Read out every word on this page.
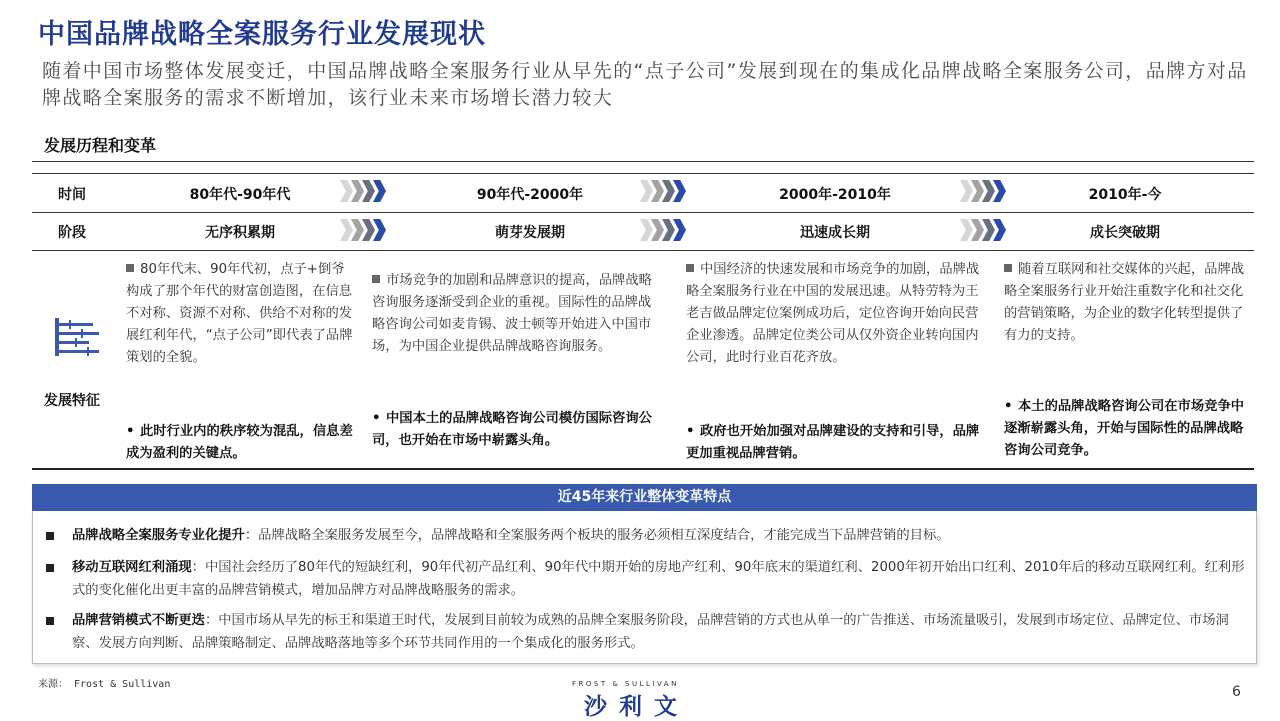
中国品牌战略全案服务行业发展现状
随着中国市场整体发展变迁，中国品牌战略全案服务行业从早先的“点子公司”发展到现在的集成化品牌战略全案服务公司，品牌方对品牌战略全案服务的需求不断增加，该行业未来市场增长潜力较大
发展历程和变革
时间
阶段
发展特征
80年代-90年代
无序积累期
80年代末、90年代初，点子+倒爷构成了那个年代的财富创造图，在信息不对称、资源不对称、供给不对称的发展红利年代，“点子公司”即代表了品牌策划的全貌。
• 此时行业内的秩序较为混乱，信息差成为盈利的关键点。
90年代-2000年
萌芽发展期
市场竞争的加剧和品牌意识的提高，品牌战略咨询服务逐渐受到企业的重视。国际性的品牌战略咨询公司如麦肯锡、波士顿等开始进入中国市场，为中国企业提供品牌战略咨询服务。
• 中国本土的品牌战略咨询公司模仿国际咨询公司，也开始在市场中崭露头角。
2000年-2010年
迅速成长期
中国经济的快速发展和市场竞争的加剧，品牌战略全案服务行业在中国的发展迅速。从特劳特为王老吉做品牌定位案例成功后，定位咨询开始向民营企业渗透。品牌定位类公司从仅外资企业转向国内公司，此时行业百花齐放。
• 政府也开始加强对品牌建设的支持和引导，品牌更加重视品牌营销。
2010年-今
成长突破期
随着互联网和社交媒体的兴起，品牌战略全案服务行业开始注重数字化和社交化的营销策略，为企业的数字化转型提供了有力的支持。
• 本土的品牌战略咨询公司在市场竞争中逐渐崭露头角，开始与国际性的品牌战略咨询公司竞争。
近45年来行业整体变革特点
品牌战略全案服务专业化提升：品牌战略全案服务发展至今，品牌战略和全案服务两个板块的服务必须相互深度结合，才能完成当下品牌营销的目标。
移动互联网红利涌现：中国社会经历了80年代的短缺红利，90年代初产品红利、90年代中期开始的房地产红利、90年底末的渠道红利、2000年初开始出口红利、2010年后的移动互联网红利。红利形式的变化催化出更丰富的品牌营销模式，增加品牌方对品牌战略服务的需求。
品牌营销模式不断更迭：中国市场从早先的标王和渠道王时代，发展到目前较为成熟的品牌全案服务阶段，品牌营销的方式也从单一的广告推送、市场流量吸引，发展到市场定位、品牌定位、市场洞察、发展方向判断、品牌策略制定、品牌战略落地等多个环节共同作用的一个集成化的服务形式。
来源： Frost & Sullivan	FROST & SULLIVAN
沙利文
6
